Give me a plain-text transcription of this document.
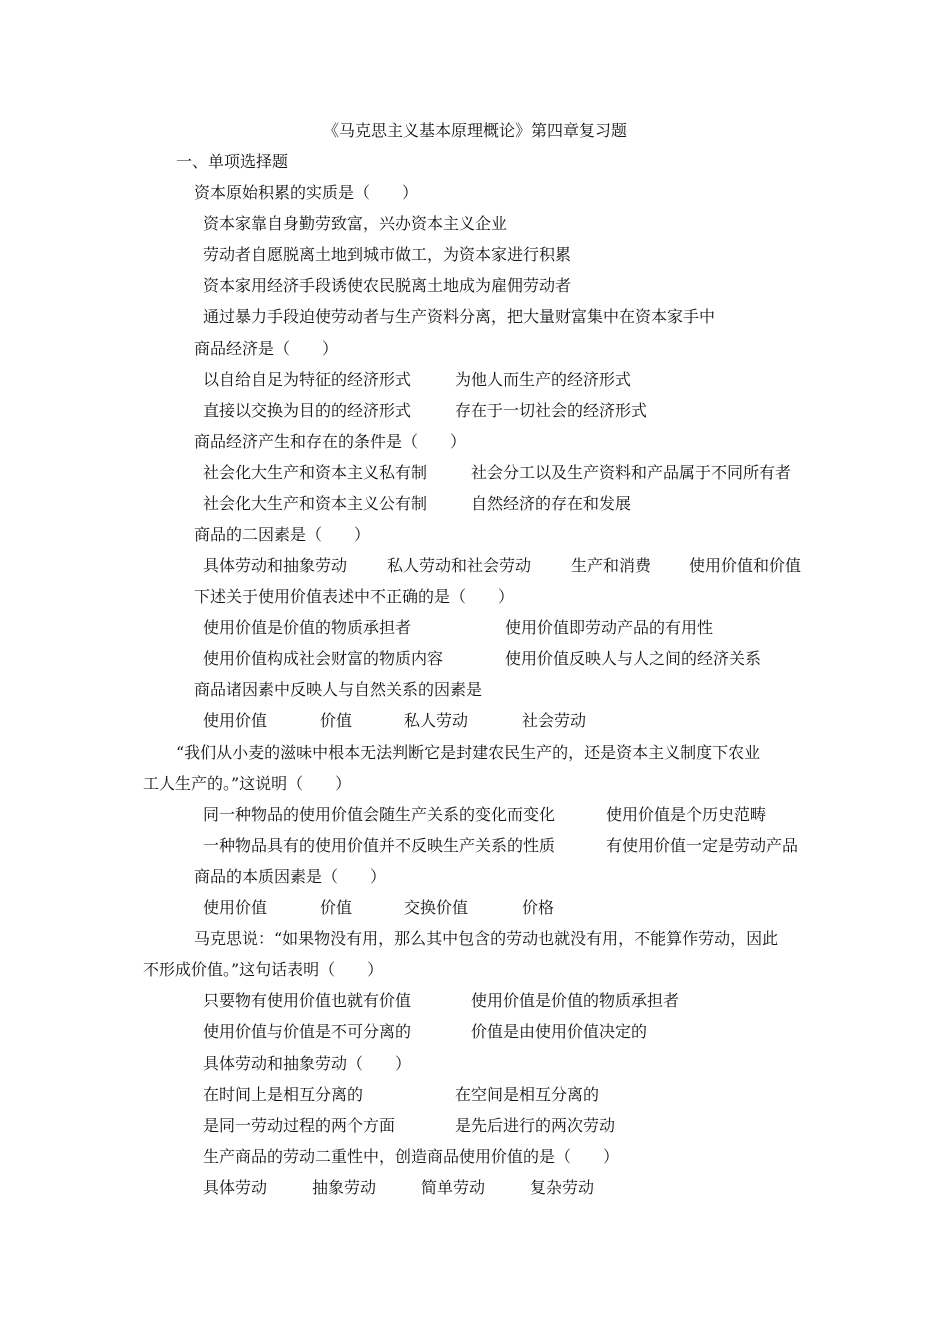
《马克思主义基本原理概论》第四章复习题
一、单项选择题
资本原始积累的实质是（　　）
资本家靠自身勤劳致富，兴办资本主义企业
劳动者自愿脱离土地到城市做工，为资本家进行积累
资本家用经济手段诱使农民脱离土地成为雇佣劳动者
通过暴力手段迫使劳动者与生产资料分离，把大量财富集中在资本家手中
商品经济是（　　）
以自给自足为特征的经济形式	为他人而生产的经济形式
直接以交换为目的的经济形式	存在于一切社会的经济形式
商品经济产生和存在的条件是（　　）
社会化大生产和资本主义私有制	社会分工以及生产资料和产品属于不同所有者
社会化大生产和资本主义公有制	自然经济的存在和发展
商品的二因素是（　　）
具体劳动和抽象劳动 私人劳动和社会劳动 生产和消费 使用价值和价值
下述关于使用价值表述中不正确的是（　　）
使用价值是价值的物质承担者	使用价值即劳动产品的有用性
使用价值构成社会财富的物质内容	使用价值反映人与人之间的经济关系
商品诸因素中反映人与自然关系的因素是
使用价值	价值	私人劳动	社会劳动
“我们从小麦的滋味中根本无法判断它是封建农民生产的，还是资本主义制度下农业
工人生产的。”这说明（　　）
同一种物品的使用价值会随生产关系的变化而变化	使用价值是个历史范畴
一种物品具有的使用价值并不反映生产关系的性质	有使用价值一定是劳动产品
商品的本质因素是（　　）
使用价值	价值	交换价值	价格
马克思说：“如果物没有用，那么其中包含的劳动也就没有用，不能算作劳动，因此
不形成价值。”这句话表明（　　）
只要物有使用价值也就有价值	使用价值是价值的物质承担者
使用价值与价值是不可分离的	价值是由使用价值决定的
具体劳动和抽象劳动（　　）
在时间上是相互分离的	在空间是相互分离的
是同一劳动过程的两个方面	是先后进行的两次劳动
生产商品的劳动二重性中，创造商品使用价值的是（　　）
具体劳动	抽象劳动	简单劳动	复杂劳动
